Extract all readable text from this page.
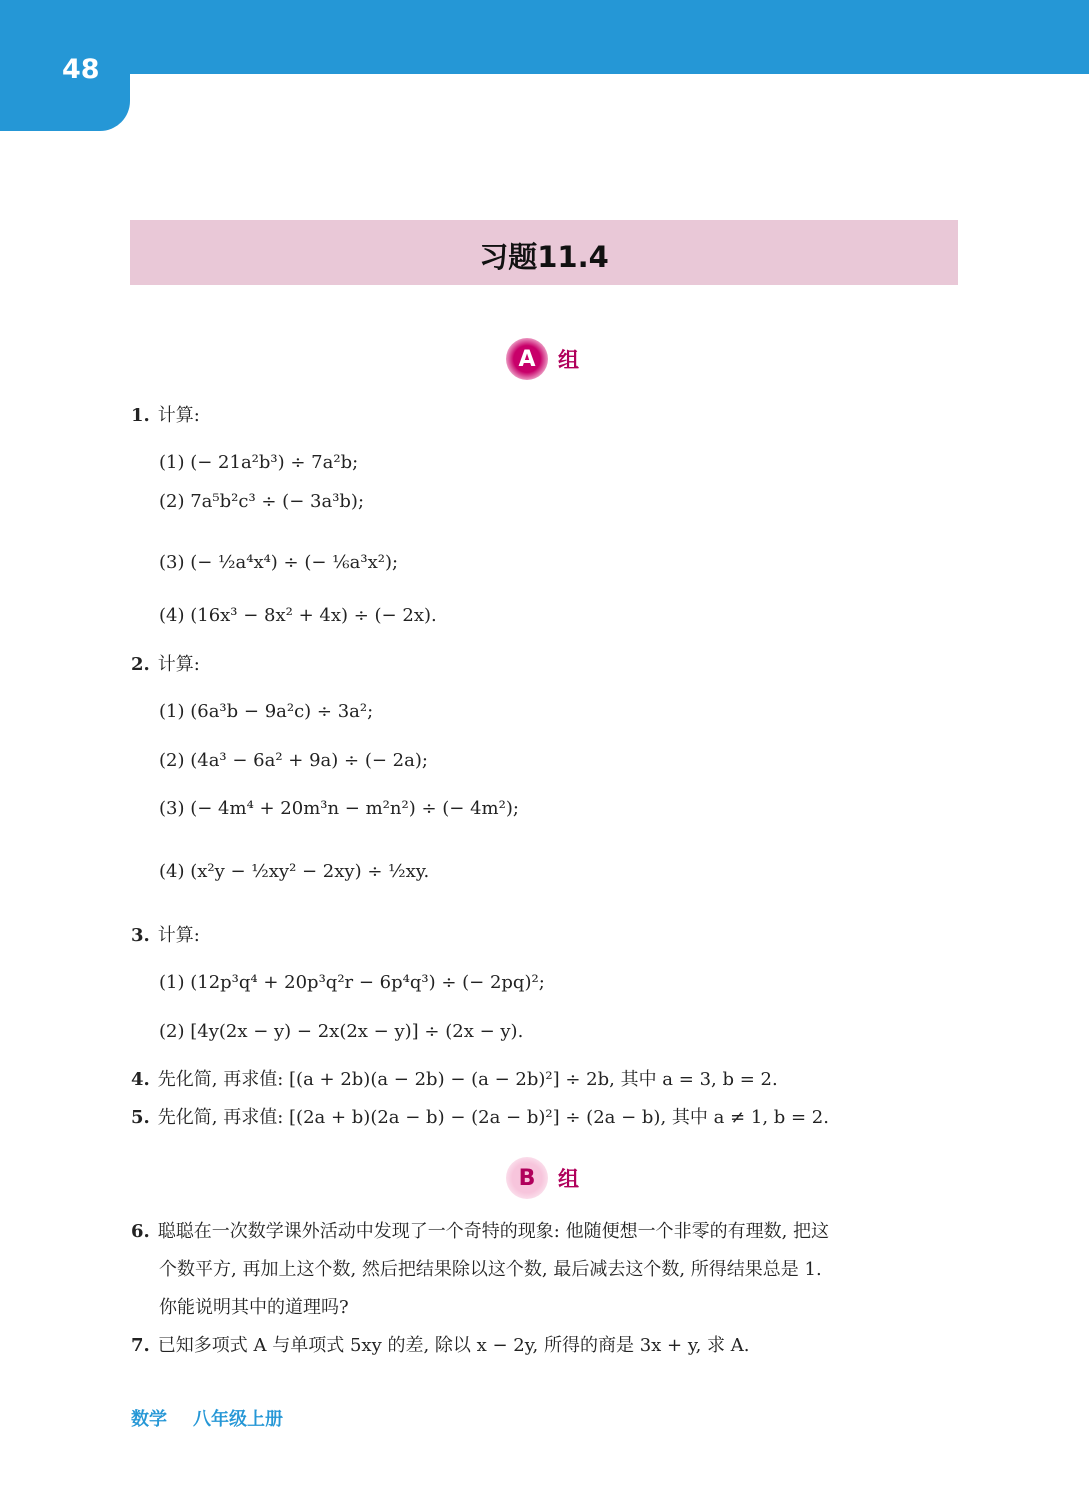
48
习题11.4
A	组
1. 计算:
(1) (− 21a²b³) ÷ 7a²b;
(2) 7a⁵b²c³ ÷ (− 3a³b);
(3) (− ½a⁴x⁴) ÷ (− ⅙a³x²);
(4) (16x³ − 8x² + 4x) ÷ (− 2x).
2. 计算:
(1) (6a³b − 9a²c) ÷ 3a²;
(2) (4a³ − 6a² + 9a) ÷ (− 2a);
(3) (− 4m⁴ + 20m³n − m²n²) ÷ (− 4m²);
(4) (x²y − ½xy² − 2xy) ÷ ½xy.
3. 计算:
(1) (12p³q⁴ + 20p³q²r − 6p⁴q³) ÷ (− 2pq)²;
(2) [4y(2x − y) − 2x(2x − y)] ÷ (2x − y).
4. 先化简, 再求值: [(a + 2b)(a − 2b) − (a − 2b)²] ÷ 2b, 其中 a = 3, b = 2.
5. 先化简, 再求值: [(2a + b)(2a − b) − (2a − b)²] ÷ (2a − b), 其中 a ≠ 1, b = 2.
B	组
6. 聪聪在一次数学课外活动中发现了一个奇特的现象: 他随便想一个非零的有理数, 把这
个数平方, 再加上这个数, 然后把结果除以这个数, 最后减去这个数, 所得结果总是 1.
你能说明其中的道理吗?
7. 已知多项式 A 与单项式 5xy 的差, 除以 x − 2y, 所得的商是 3x + y, 求 A.
数学 八年级上册
